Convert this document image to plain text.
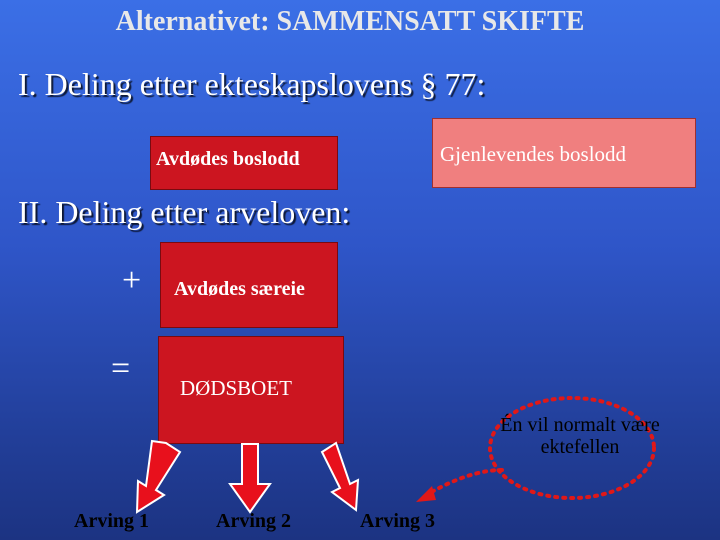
Alternativet: SAMMENSATT SKIFTE
I. Deling etter ekteskapslovens § 77:
Avdødes boslodd	Gjenlevendes boslodd
II. Deling etter arveloven:
+ Avdødes særeie
=
DØDSBOET
Én vil normalt være ektefellen
Arving 1	Arving 2	Arving 3
